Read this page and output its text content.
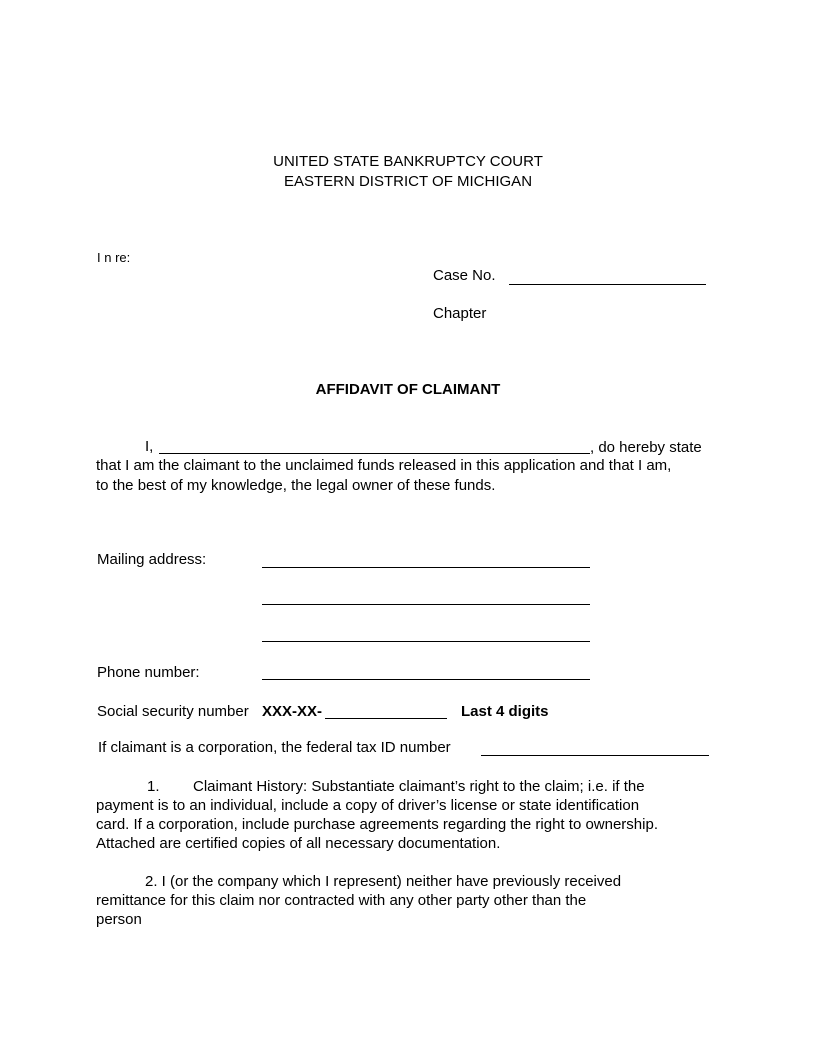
UNITED STATE BANKRUPTCY COURT
EASTERN DISTRICT OF MICHIGAN
I n re:
Case No.
Chapter
AFFIDAVIT OF CLAIMANT
I,	, do hereby state
that I am the claimant to the unclaimed funds released in this application and that I am,
to the best of my knowledge, the legal owner of these funds.
Mailing address:
Phone number:
Social security number XXX-XX-	Last 4 digits
If claimant is a corporation, the federal tax ID number
1. Claimant History: Substantiate claimant’s right to the claim; i.e. if the
payment is to an individual, include a copy of driver’s license or state identification
card. If a corporation, include purchase agreements regarding the right to ownership.
Attached are certified copies of all necessary documentation.
2. I (or the company which I represent) neither have previously received
remittance for this claim nor contracted with any other party other than the
person
